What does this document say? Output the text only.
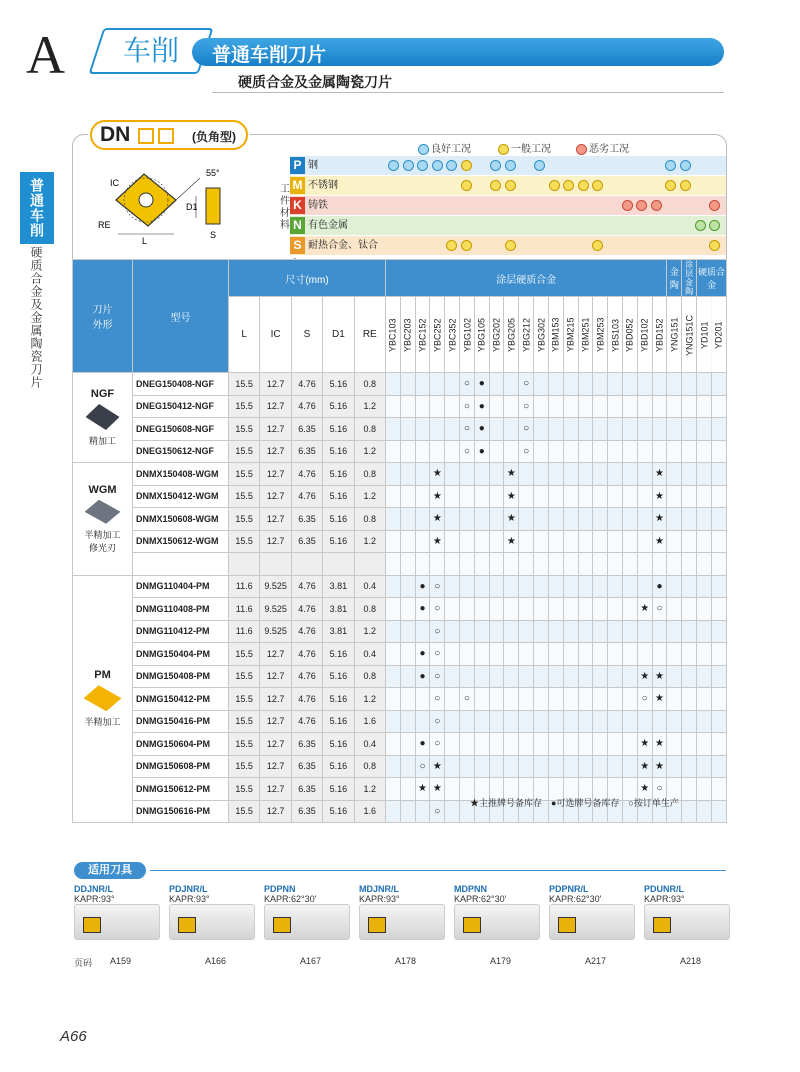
A	车削	普通车削刀片
硬质合金及金属陶瓷刀片
普通车削
硬质合金及金属陶瓷刀片
DN	(负角型)
55°
IC
RE
L
D1
S
良好工况	一般工况	恶劣工况
工件材料
P 钢
M 不锈钢
K 铸铁
N 有色金属
S 耐热合金、钛合
刀片
外形	型号	尺寸(mm)					涂层硬质合金																			金陶	涂层金陶	硬质合金	
		L	IC	S	D1	RE	YBC103	YBC203	YBC152	YBC252	YBC352	YBG102	YBG105	YBG202	YBG205	YBG212	YBG302	YBM153	YBM215	YBM251	YBM253	YBS103	YBD052	YBD102	YBD152	YNG151	YNG151C	YD101	YD201

NGF
精加工	DNEG150408-NGF	15.5	12.7	4.76	5.16	0.8						○	●			○													
	DNEG150412-NGF	15.5	12.7	4.76	5.16	1.2						○	●			○													
	DNEG150608-NGF	15.5	12.7	6.35	5.16	0.8						○	●			○													
	DNEG150612-NGF	15.5	12.7	6.35	5.16	1.2						○	●			○													

WGM
半精加工
修光刃	DNMX150408-WGM	15.5	12.7	4.76	5.16	0.8				★					★										★				
	DNMX150412-WGM	15.5	12.7	4.76	5.16	1.2				★					★										★				
	DNMX150608-WGM	15.5	12.7	6.35	5.16	0.8				★					★										★				
	DNMX150612-WGM	15.5	12.7	6.35	5.16	1.2				★					★										★				

PM
半精加工	DNMG110404-PM	11.6	9.525	4.76	3.81	0.4			●	○															●				
	DNMG110408-PM	11.6	9.525	4.76	3.81	0.8			●	○														★	○				
	DNMG110412-PM	11.6	9.525	4.76	3.81	1.2				○																			
	DNMG150404-PM	15.5	12.7	4.76	5.16	0.4			●	○																			
	DNMG150408-PM	15.5	12.7	4.76	5.16	0.8			●	○														★	★				
	DNMG150412-PM	15.5	12.7	4.76	5.16	1.2				○		○												○	★				
	DNMG150416-PM	15.5	12.7	4.76	5.16	1.6				○																			
	DNMG150604-PM	15.5	12.7	6.35	5.16	0.4			●	○														★	★				
	DNMG150608-PM	15.5	12.7	6.35	5.16	0.8			○	★														★	★				
	DNMG150612-PM	15.5	12.7	6.35	5.16	1.2			★	★														★	○				
	DNMG150616-PM	15.5	12.7	6.35	5.16	1.6				○																			
★主推牌号备库存　●可选牌号备库存　○按订单生产
适用刀具
DDJNR/L
KAPR:93°
A159
PDJNR/L
KAPR:93°
A166
PDPNN
KAPR:62°30'
A167
MDJNR/L
KAPR:93°
A178
MDPNN
KAPR:62°30'
A179
PDPNR/L
KAPR:62°30'
A217
PDUNR/L
KAPR:93°
A218
页码
A66
